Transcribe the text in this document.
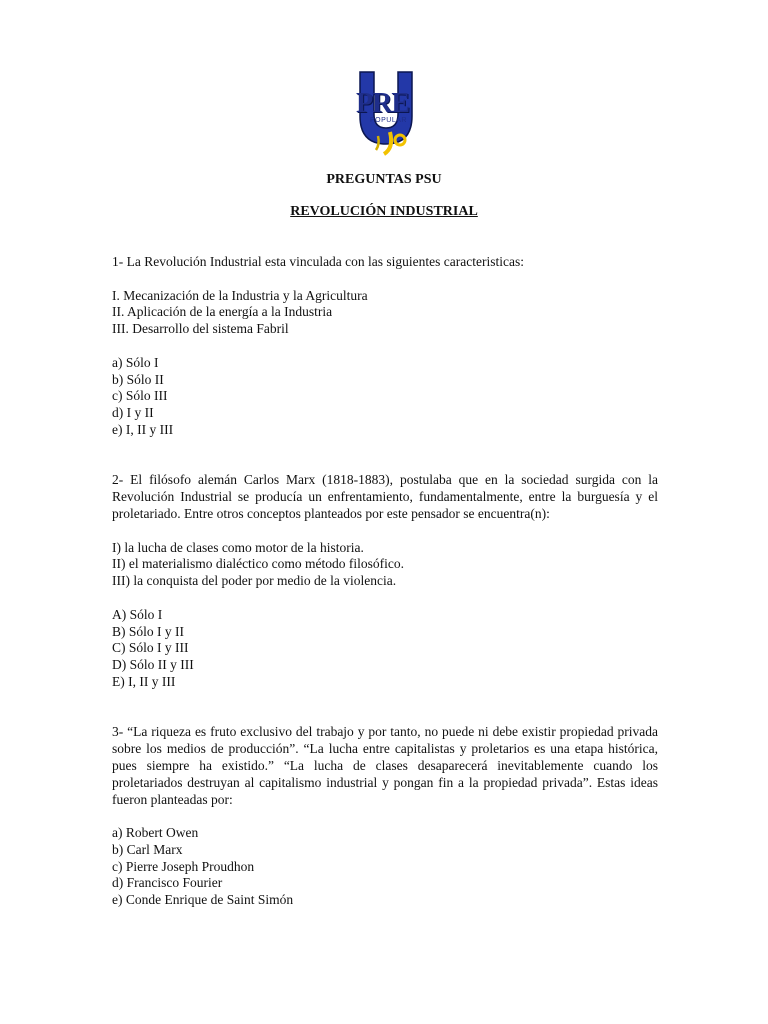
PRE
POPULAR
PREGUNTAS PSU
REVOLUCIÓN INDUSTRIAL

1- La Revolución Industrial esta vinculada con las siguientes caracteristicas:

I. Mecanización de la Industria y la Agricultura

II. Aplicación de la energía a la Industria

III. Desarrollo del sistema Fabril

a) Sólo I

b) Sólo II

c) Sólo III

d) I y II

e) I, II y III

2- El filósofo alemán Carlos Marx (1818-1883), postulaba que en la sociedad surgida con la Revolución Industrial se producía un enfrentamiento, fundamentalmente, entre la burguesía y el proletariado. Entre otros conceptos planteados por este pensador se encuentra(n):

I) la lucha de clases como motor de la historia.

II) el materialismo dialéctico como método filosófico.

III) la conquista del poder por medio de la violencia.

A) Sólo I

B) Sólo I y II

C) Sólo I y III

D) Sólo II y III

E) I, II y III

3- “La riqueza es fruto exclusivo del trabajo y por tanto, no puede ni debe existir propiedad privada sobre los medios de producción”. “La lucha entre capitalistas y proletarios es una etapa histórica, pues siempre ha existido.” “La lucha de clases desaparecerá inevitablemente cuando los proletariados destruyan al capitalismo industrial y pongan fin a la propiedad privada”. Estas ideas fueron planteadas por:

a) Robert Owen

b) Carl Marx

c) Pierre Joseph Proudhon

d) Francisco Fourier

e) Conde Enrique de Saint Simón
